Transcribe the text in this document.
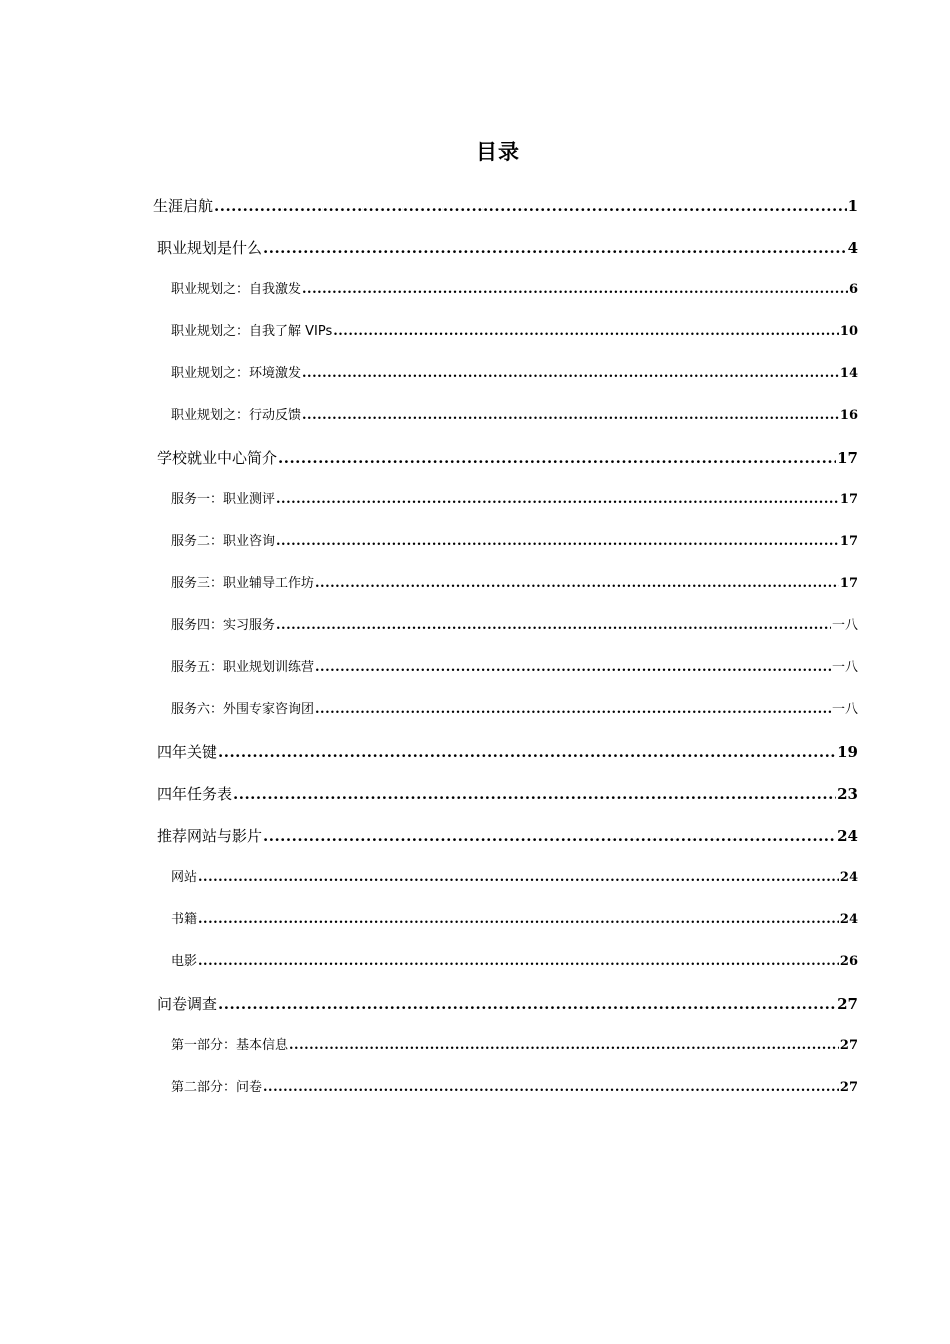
目录
生涯启航 .....	1
职业规划是什么 .....	4
职业规划之：自我激发 .....	6
职业规划之：自我了解 VIPs .....	10
职业规划之：环境激发 .....	14
职业规划之：行动反馈 .....	16
学校就业中心简介 .....	17
服务一：职业测评 .....	17
服务二：职业咨询 .....	17
服务三：职业辅导工作坊 .....	17
服务四：实习服务 .....	一八
服务五：职业规划训练营 .....	一八
服务六：外围专家咨询团 .....	一八
四年关键 .....	19
四年任务表 .....	23
推荐网站与影片 .....	24
网站 .....	24
书籍 .....	24
电影 .....	26
问卷调查 .....	27
第一部分：基本信息 .....	27
第二部分：问卷 .....	27
